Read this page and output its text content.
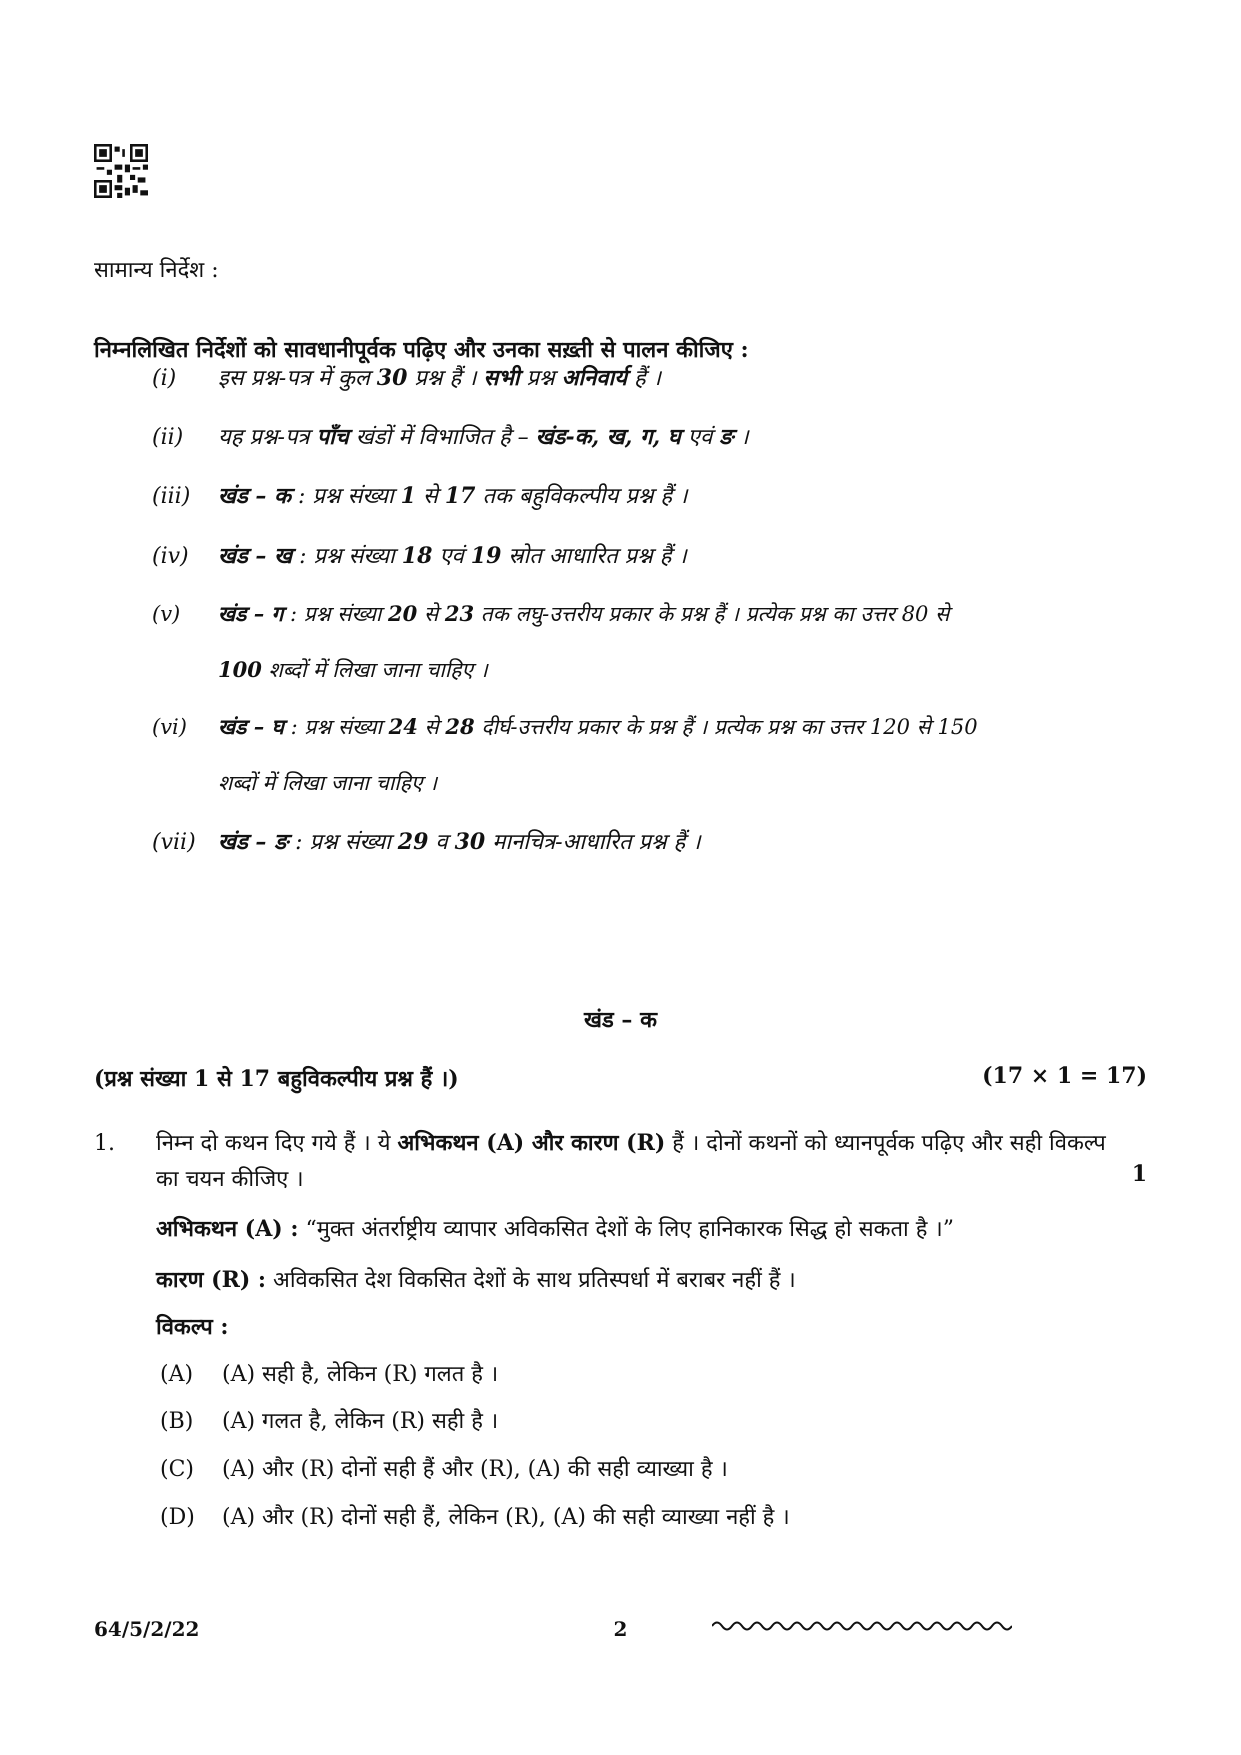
सामान्य निर्देश :
निम्नलिखित निर्देशों को सावधानीपूर्वक पढ़िए और उनका सख़्ती से पालन कीजिए :
(i) इस प्रश्न-पत्र में कुल 30 प्रश्न हैं । सभी प्रश्न अनिवार्य हैं ।
(ii) यह प्रश्न-पत्र पाँच खंडों में विभाजित है – खंड-क, ख, ग, घ एवं ङ ।
(iii) खंड – क : प्रश्न संख्या 1 से 17 तक बहुविकल्पीय प्रश्न हैं ।
(iv) खंड – ख : प्रश्न संख्या 18 एवं 19 स्रोत आधारित प्रश्न हैं ।
(v) खंड – ग : प्रश्न संख्या 20 से 23 तक लघु-उत्तरीय प्रकार के प्रश्न हैं । प्रत्येक प्रश्न का उत्तर 80 से
100 शब्दों में लिखा जाना चाहिए ।
(vi) खंड – घ : प्रश्न संख्या 24 से 28 दीर्घ-उत्तरीय प्रकार के प्रश्न हैं । प्रत्येक प्रश्न का उत्तर 120 से 150
शब्दों में लिखा जाना चाहिए ।
(vii) खंड – ङ : प्रश्न संख्या 29 व 30 मानचित्र-आधारित प्रश्न हैं ।
खंड – क
(प्रश्न संख्या 1 से 17 बहुविकल्पीय प्रश्न हैं ।)	(17 × 1 = 17)
1. निम्न दो कथन दिए गये हैं । ये अभिकथन (A) और कारण (R) हैं । दोनों कथनों को ध्यानपूर्वक पढ़िए और सही विकल्प का चयन कीजिए ।	1
अभिकथन (A) : “मुक्त अंतर्राष्ट्रीय व्यापार अविकसित देशों के लिए हानिकारक सिद्ध हो सकता है ।”
कारण (R) : अविकसित देश विकसित देशों के साथ प्रतिस्पर्धा में बराबर नहीं हैं ।
विकल्प :
(A) (A) सही है, लेकिन (R) गलत है ।
(B) (A) गलत है, लेकिन (R) सही है ।
(C) (A) और (R) दोनों सही हैं और (R), (A) की सही व्याख्या है ।
(D) (A) और (R) दोनों सही हैं, लेकिन (R), (A) की सही व्याख्या नहीं है ।
64/5/2/22	2
